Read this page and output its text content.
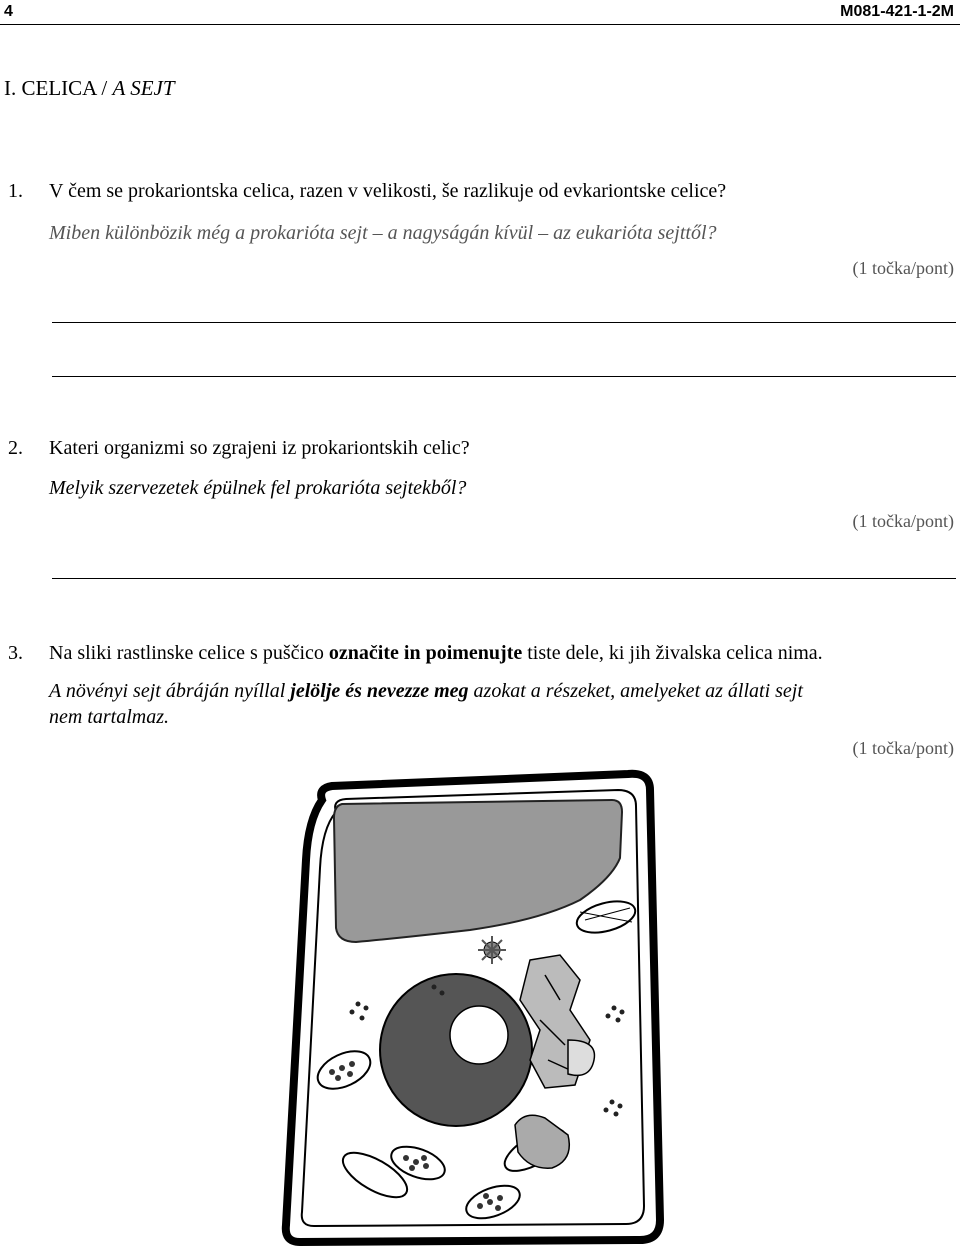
4	M081-421-1-2M
I. CELICA / A SEJT
1. V čem se prokariontska celica, razen v velikosti, še razlikuje od evkariontske celice?
Miben különbözik még a prokarióta sejt – a nagyságán kívül – az eukarióta sejttől?
(1 točka/pont)
2. Kateri organizmi so zgrajeni iz prokariontskih celic?
Melyik szervezetek épülnek fel prokarióta sejtekből?
(1 točka/pont)
3. Na sliki rastlinske celice s puščico označite in poimenujte tiste dele, ki jih živalska celica nima.
A növényi sejt ábráján nyíllal jelölje és nevezze meg azokat a részeket, amelyeket az állati sejt
nem tartalmaz.
(1 točka/pont)
